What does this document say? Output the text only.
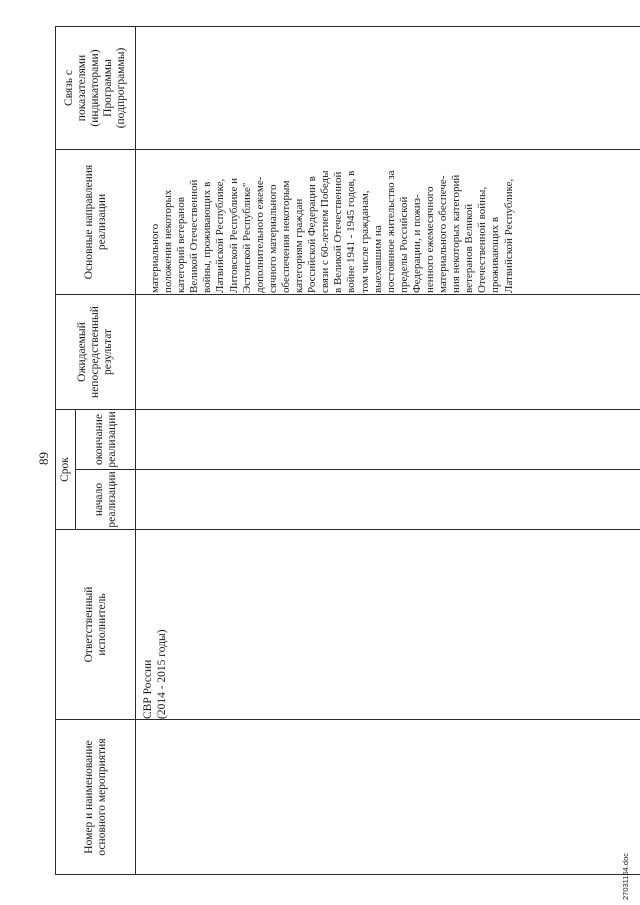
89
Номер и наименование
основного мероприятия
Ответственный
исполнитель
Срок
начало
реализации
окончание
реализации
Ожидаемый
непосредственный
результат
Основные направления
реализации
Связь с
показателями
(индикаторами)
Программы
(подпрограммы)
СВР России
(2014 - 2015 годы)
материального
положения некоторых
категорий ветеранов
Великой Отечественной
войны, проживающих в
Латвийской Республике,
Литовской Республике и
Эстонской Республике"
дополнительного ежеме-
сячного материального
обеспечения некоторым
категориям граждан
Российской Федерации в
связи с 60-летием Победы
в Великой Отечественной
войне 1941 - 1945 годов, в
том числе гражданам,
выехавшим на
постоянное жительство за
пределы Российской
Федерации, и пожиз-
ненного ежемесячного
материального обеспече-
ния некоторых категорий
ветеранов Великой
Отечественной войны,
проживающих в
Латвийской Республике,
27031164.doc
